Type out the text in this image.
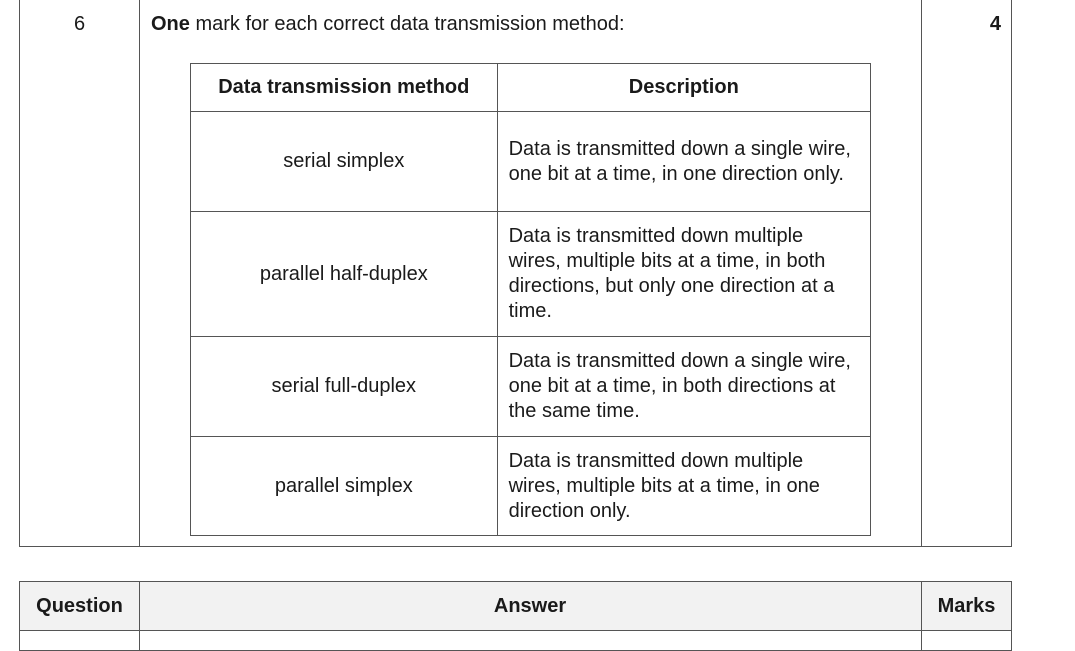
6	One mark for each correct data transmission method:	4
Data transmission method	Description
serial simplex	Data is transmitted down a single wire, one bit at a time, in one direction only.
parallel half-duplex	Data is transmitted down multiple wires, multiple bits at a time, in both directions, but only one direction at a time.
serial full-duplex	Data is transmitted down a single wire, one bit at a time, in both directions at the same time.
parallel simplex	Data is transmitted down multiple wires, multiple bits at a time, in one direction only.
Question	Answer	Marks
